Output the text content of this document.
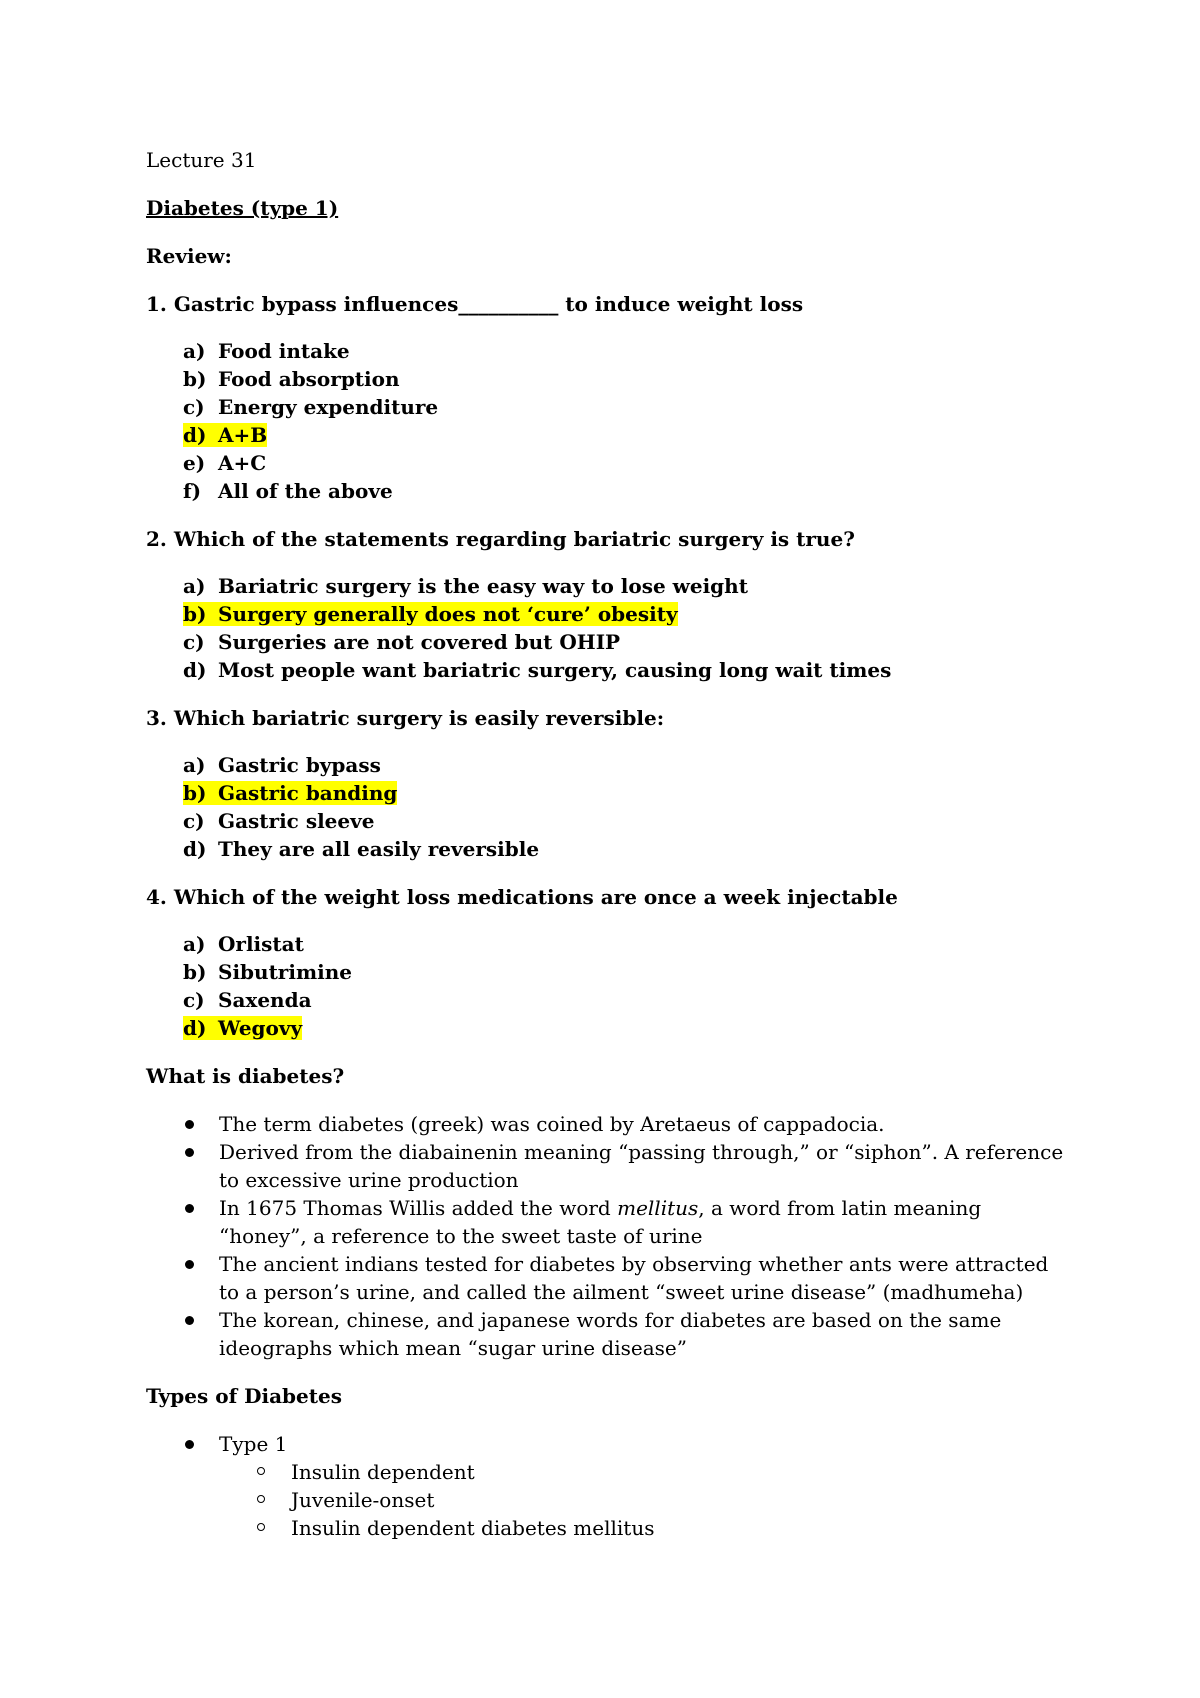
Lecture 31

Diabetes (type 1)

Review:

1. Gastric bypass influences__________ to induce weight loss

a) Food intake
b) Food absorption
c) Energy expenditure
d) A+B
e) A+C
f) All of the above

2. Which of the statements regarding bariatric surgery is true?

a) Bariatric surgery is the easy way to lose weight
b) Surgery generally does not ‘cure’ obesity
c) Surgeries are not covered but OHIP
d) Most people want bariatric surgery, causing long wait times

3. Which bariatric surgery is easily reversible:

a) Gastric bypass
b) Gastric banding
c) Gastric sleeve
d) They are all easily reversible

4. Which of the weight loss medications are once a week injectable

a) Orlistat
b) Sibutrimine
c) Saxenda
d) Wegovy

What is diabetes?

The term diabetes (greek) was coined by Aretaeus of cappadocia.
Derived from the diabainenin meaning “passing through,” or “siphon”. A reference to excessive urine production
In 1675 Thomas Willis added the word mellitus, a word from latin meaning “honey”, a reference to the sweet taste of urine
The ancient indians tested for diabetes by observing whether ants were attracted to a person’s urine, and called the ailment “sweet urine disease” (madhumeha)
The korean, chinese, and japanese words for diabetes are based on the same ideographs which mean “sugar urine disease”

Types of Diabetes

Type 1
Insulin dependent
Juvenile-onset
Insulin dependent diabetes mellitus
